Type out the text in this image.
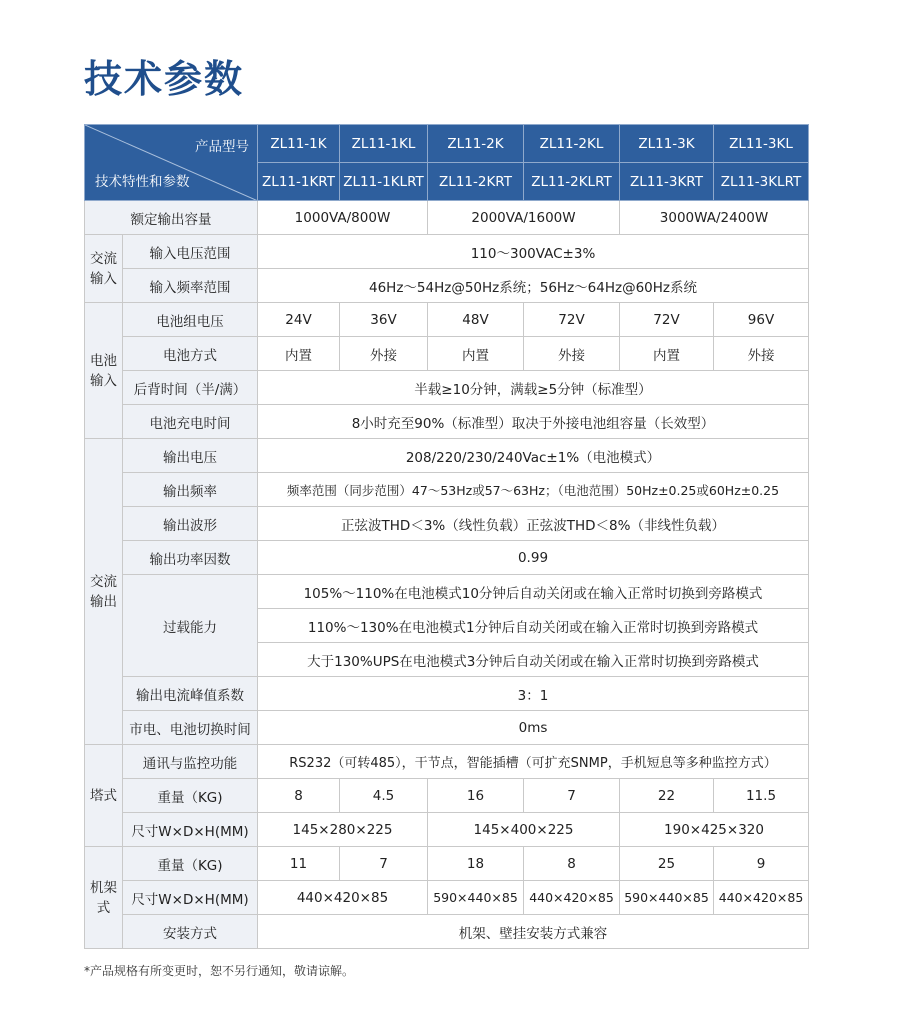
技术参数
产品型号
技术特性和参数		ZL11-1K	ZL11-1KL	ZL11-2K	ZL11-2KL	ZL11-3K	ZL11-3KL
		ZL11-1KRT	ZL11-1KLRT	ZL11-2KRT	ZL11-2KLRT	ZL11-3KRT	ZL11-3KLRT
额定输出容量		1000VA/800W		2000VA/1600W		3000WA/2400W	
交流
输入	输入电压范围	110～300VAC±3%					
	输入频率范围	46Hz～54Hz@50Hz系统；56Hz～64Hz@60Hz系统					
电池
输入	电池组电压	24V	36V	48V	72V	72V	96V
	电池方式	内置	外接	内置	外接	内置	外接
	后背时间（半/满）	半载≥10分钟，满载≥5分钟（标准型）					
	电池充电时间	8小时充至90%（标准型）取决于外接电池组容量（长效型）					
交流
输出	输出电压	208/220/230/240Vac±1%（电池模式）					
	输出频率	频率范围（同步范围）47～53Hz或57～63Hz；（电池范围）50Hz±0.25或60Hz±0.25					
	输出波形	正弦波THD＜3%（线性负载）正弦波THD＜8%（非线性负载）					
	输出功率因数	0.99					
	过载能力	105%～110%在电池模式10分钟后自动关闭或在输入正常时切换到旁路模式					
		110%～130%在电池模式1分钟后自动关闭或在输入正常时切换到旁路模式					
		大于130%UPS在电池模式3分钟后自动关闭或在输入正常时切换到旁路模式					
	输出电流峰值系数	3：1					
	市电、电池切换时间	0ms					
塔式	通讯与监控功能	RS232（可转485），干节点，智能插槽（可扩充SNMP，手机短息等多种监控方式）					
	重量（KG)	8	4.5	16	7	22	11.5
	尺寸W×D×H(MM)	145×280×225		145×400×225		190×425×320	
机架
式	重量（KG)	11	7	18	8	25	9
	尺寸W×D×H(MM)	440×420×85		590×440×85	440×420×85	590×440×85	440×420×85
	安装方式	机架、壁挂安装方式兼容					
*产品规格有所变更时，恕不另行通知，敬请谅解。
